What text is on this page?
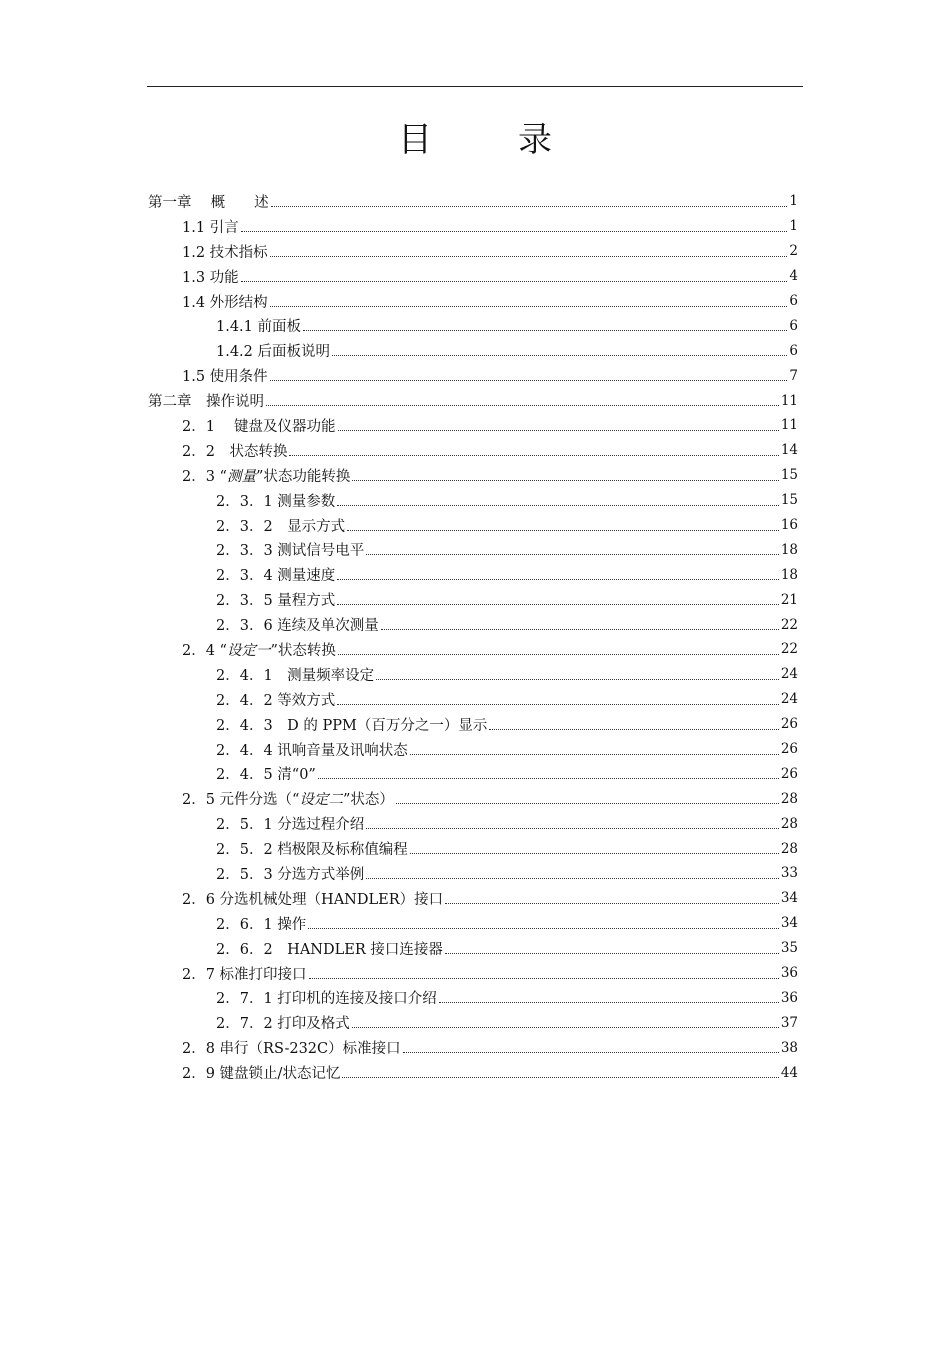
目　录
第一章　 概　　述	1
1.1 引言	1
1.2 技术指标	2
1.3 功能	4
1.4 外形结构	6
1.4.1 前面板	6
1.4.2 后面板说明	6
1.5 使用条件	7
第二章　操作说明	11
2．1　 键盘及仪器功能	11
2．2　状态转换	14
2．3 “测量”状态功能转换	15
2．3．1 测量参数	15
2．3．2　显示方式	16
2．3．3 测试信号电平	18
2．3．4 测量速度	18
2．3．5 量程方式	21
2．3．6 连续及单次测量	22
2．4 “设定一”状态转换	22
2．4．1　测量频率设定	24
2．4．2 等效方式	24
2．4．3　D 的 PPM（百万分之一）显示	26
2．4．4 讯响音量及讯响状态	26
2．4．5 清“0”	26
2．5 元件分选（“设定二”状态）	28
2．5．1 分选过程介绍	28
2．5．2 档极限及标称值编程	28
2．5．3 分选方式举例	33
2．6 分选机械处理（HANDLER）接口	34
2．6．1 操作	34
2．6．2　HANDLER 接口连接器	35
2．7 标准打印接口	36
2．7．1 打印机的连接及接口介绍	36
2．7．2 打印及格式	37
2．8 串行（RS-232C）标准接口	38
2．9 键盘锁止/状态记忆	44
